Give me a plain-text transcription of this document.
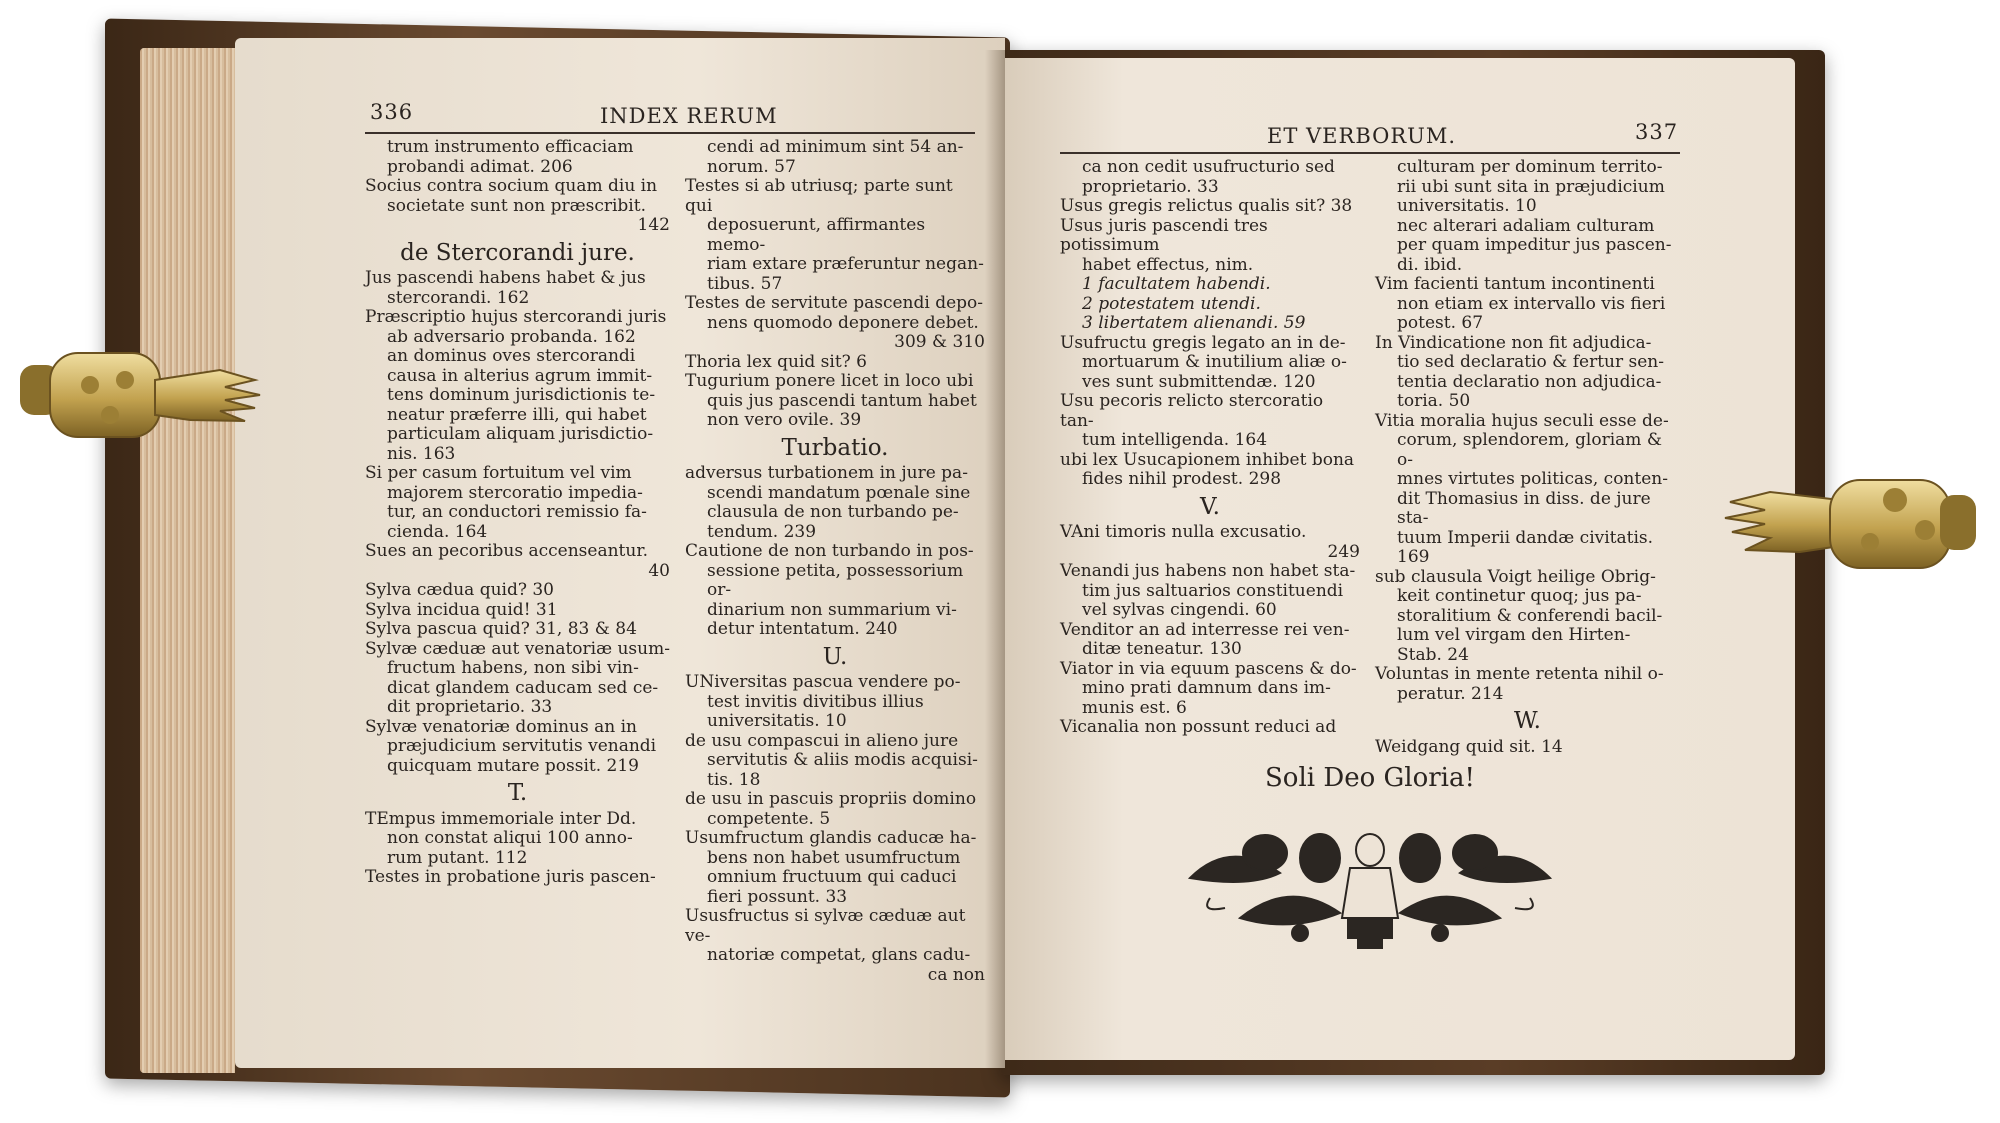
336	INDEX RERUM

trum instrumento efficaciam

probandi adimat. 206

Socius contra socium quam diu in

societate sunt non præscribit.

142

de Stercorandi jure.

Jus pascendi habens habet & jus

stercorandi. 162

Præscriptio hujus stercorandi juris

ab adversario probanda. 162

an dominus oves stercorandi

causa in alterius agrum immit-

tens dominum jurisdictionis te-

neatur præferre illi, qui habet

particulam aliquam jurisdictio-

nis. 163

Si per casum fortuitum vel vim

majorem stercoratio impedia-

tur, an conductori remissio fa-

cienda. 164

Sues an pecoribus accenseantur.

40

Sylva cædua quid? 30

Sylva incidua quid! 31

Sylva pascua quid? 31, 83 & 84

Sylvæ cæduæ aut venatoriæ usum-

fructum habens, non sibi vin-

dicat glandem caducam sed ce-

dit proprietario. 33

Sylvæ venatoriæ dominus an in

præjudicium servitutis venandi

quicquam mutare possit. 219

T.

TEmpus immemoriale inter Dd.

non constat aliqui 100 anno-

rum putant. 112

Testes in probatione juris pascen-

cendi ad minimum sint 54 an-

norum. 57

Testes si ab utriusq; parte sunt qui

deposuerunt, affirmantes memo-

riam extare præferuntur negan-

tibus. 57

Testes de servitute pascendi depo-

nens quomodo deponere debet.

309 & 310

Thoria lex quid sit? 6

Tugurium ponere licet in loco ubi

quis jus pascendi tantum habet

non vero ovile. 39

Turbatio.

adversus turbationem in jure pa-

scendi mandatum pœnale sine

clausula de non turbando pe-

tendum. 239

Cautione de non turbando in pos-

sessione petita, possessorium or-

dinarium non summarium vi-

detur intentatum. 240

U.

UNiversitas pascua vendere po-

test invitis divitibus illius

universitatis. 10

de usu compascui in alieno jure

servitutis & aliis modis acquisi-

tis. 18

de usu in pascuis propriis domino

competente. 5

Usumfructum glandis caducæ ha-

bens non habet usumfructum

omnium fructuum qui caduci

fieri possunt. 33

Ususfructus si sylvæ cæduæ aut ve-

natoriæ competat, glans cadu-

ca non

ET VERBORUM.	337

ca non cedit usufructurio sed

proprietario. 33

Usus gregis relictus qualis sit? 38

Usus juris pascendi tres potissimum

habet effectus, nim.

1 facultatem habendi.

2 potestatem utendi.

3 libertatem alienandi. 59

Usufructu gregis legato an in de-

mortuarum & inutilium aliæ o-

ves sunt submittendæ. 120

Usu pecoris relicto stercoratio tan-

tum intelligenda. 164

ubi lex Usucapionem inhibet bona

fides nihil prodest. 298

V.

VAni timoris nulla excusatio.

249

Venandi jus habens non habet sta-

tim jus saltuarios constituendi

vel sylvas cingendi. 60

Venditor an ad interresse rei ven-

ditæ teneatur. 130

Viator in via equum pascens & do-

mino prati damnum dans im-

munis est. 6

Vicanalia non possunt reduci ad

culturam per dominum territo-

rii ubi sunt sita in præjudicium

universitatis. 10

nec alterari adaliam culturam

per quam impeditur jus pascen-

di. ibid.

Vim facienti tantum incontinenti

non etiam ex intervallo vis fieri

potest. 67

In Vindicatione non fit adjudica-

tio sed declaratio & fertur sen-

tentia declaratio non adjudica-

toria. 50

Vitia moralia hujus seculi esse de-

corum, splendorem, gloriam & o-

mnes virtutes politicas, conten-

dit Thomasius in diss. de jure sta-

tuum Imperii dandæ civitatis. 169

sub clausula Voigt heilige Obrig-

keit continetur quoq; jus pa-

storalitium & conferendi bacil-

lum vel virgam den Hirten-

Stab. 24

Voluntas in mente retenta nihil o-

peratur. 214

W.

Weidgang quid sit. 14

Soli Deo Gloria!
